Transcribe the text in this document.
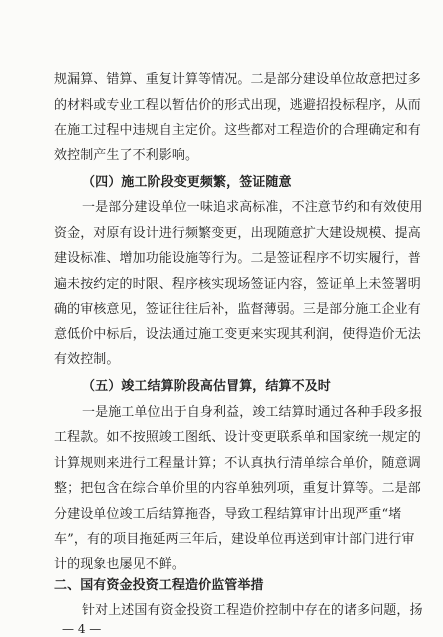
规漏算、错算、重复计算等情况。二是部分建设单位故意把过多
的材料或专业工程以暂估价的形式出现，逃避招投标程序，从而
在施工过程中违规自主定价。这些都对工程造价的合理确定和有
效控制产生了不利影响。
（四）施工阶段变更频繁，签证随意
一是部分建设单位一味追求高标准，不注意节约和有效使用
资金，对原有设计进行频繁变更，出现随意扩大建设规模、提高
建设标准、增加功能设施等行为。二是签证程序不切实履行，普
遍未按约定的时限、程序核实现场签证内容，签证单上未签署明
确的审核意见，签证往往后补，监督薄弱。三是部分施工企业有
意低价中标后，设法通过施工变更来实现其利润，使得造价无法
有效控制。
（五）竣工结算阶段高估冒算，结算不及时
一是施工单位出于自身利益，竣工结算时通过各种手段多报
工程款。如不按照竣工图纸、设计变更联系单和国家统一规定的
计算规则来进行工程量计算；不认真执行清单综合单价，随意调
整；把包含在综合单价里的内容单独列项，重复计算等。二是部
分建设单位竣工后结算拖沓，导致工程结算审计出现严重“堵
车”，有的项目拖延两三年后，建设单位再送到审计部门进行审
计的现象也屡见不鲜。
二、国有资金投资工程造价监管举措
针对上述国有资金投资工程造价控制中存在的诸多问题，扬
— 4 —
